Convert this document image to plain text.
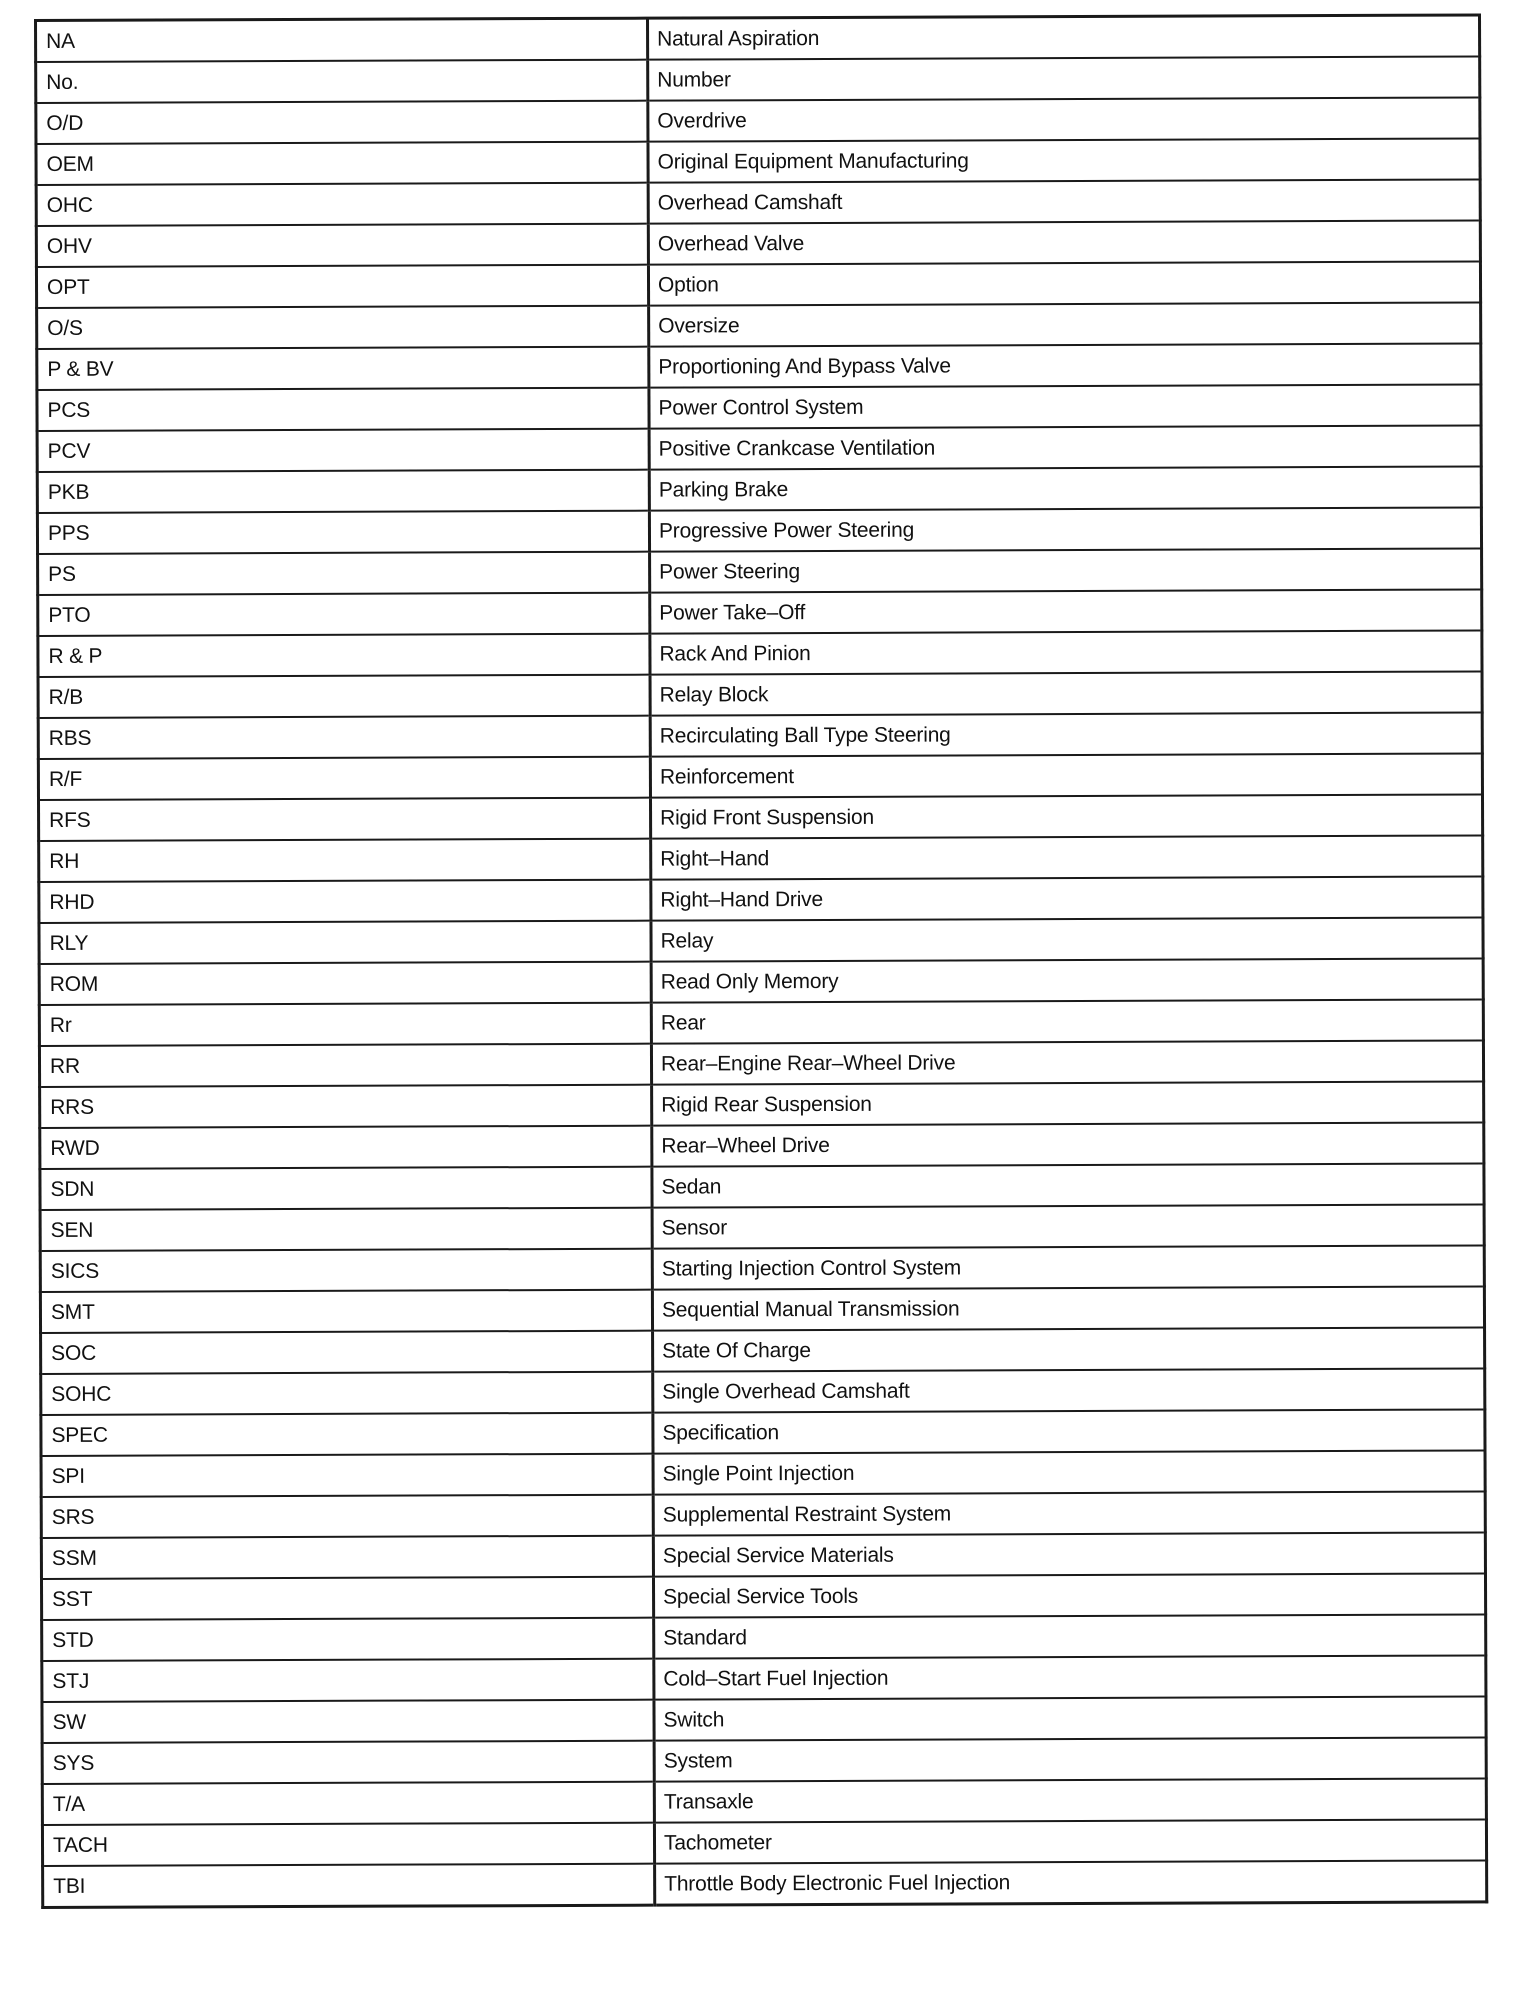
NA	Natural Aspiration
No.	Number
O/D	Overdrive
OEM	Original Equipment Manufacturing
OHC	Overhead Camshaft
OHV	Overhead Valve
OPT	Option
O/S	Oversize
P & BV	Proportioning And Bypass Valve
PCS	Power Control System
PCV	Positive Crankcase Ventilation
PKB	Parking Brake
PPS	Progressive Power Steering
PS	Power Steering
PTO	Power Take–Off
R & P	Rack And Pinion
R/B	Relay Block
RBS	Recirculating Ball Type Steering
R/F	Reinforcement
RFS	Rigid Front Suspension
RH	Right–Hand
RHD	Right–Hand Drive
RLY	Relay
ROM	Read Only Memory
Rr	Rear
RR	Rear–Engine Rear–Wheel Drive
RRS	Rigid Rear Suspension
RWD	Rear–Wheel Drive
SDN	Sedan
SEN	Sensor
SICS	Starting Injection Control System
SMT	Sequential Manual Transmission
SOC	State Of Charge
SOHC	Single Overhead Camshaft
SPEC	Specification
SPI	Single Point Injection
SRS	Supplemental Restraint System
SSM	Special Service Materials
SST	Special Service Tools
STD	Standard
STJ	Cold–Start Fuel Injection
SW	Switch
SYS	System
T/A	Transaxle
TACH	Tachometer
TBI	Throttle Body Electronic Fuel Injection
